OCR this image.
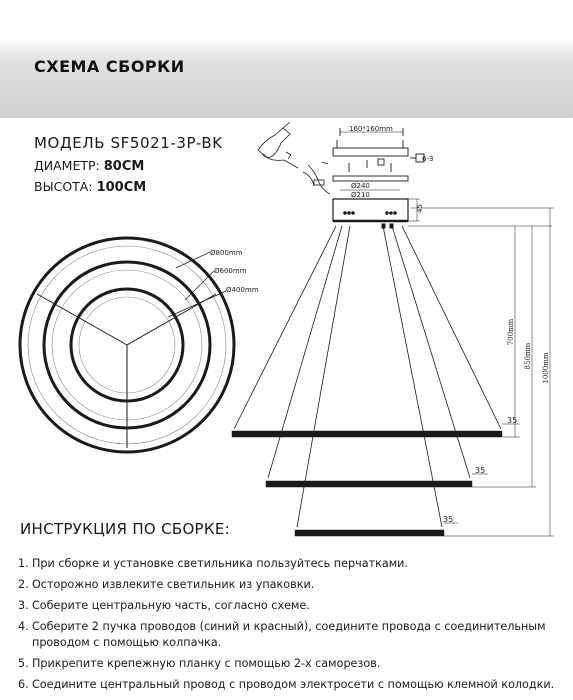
СХЕМА СБОРКИ
МОДЕЛЬ SF5021-3P-BK
ДИАМЕТР: 80СМ
ВЫСОТА: 100СМ
Ø800mm
Ø600mm
Ø400mm
160*160mm
6-3
Ø240
Ø210
45
35
35
35
700mm
850mm 1000mm
ИНСТРУКЦИЯ ПО СБОРКЕ:
1. При сборке и установке светильника пользуйтесь перчатками.
2. Осторожно извлеките светильник из упаковки.
3. Соберите центральную часть, согласно схеме.
4. Соберите 2 пучка проводов (синий и красный), соедините провода с соединительным
проводом с помощью колпачка.
5. Прикрепите крепежную планку с помощью 2-х саморезов.
6. Соедините центральный провод с проводом электросети с помощью клемной колодки.
